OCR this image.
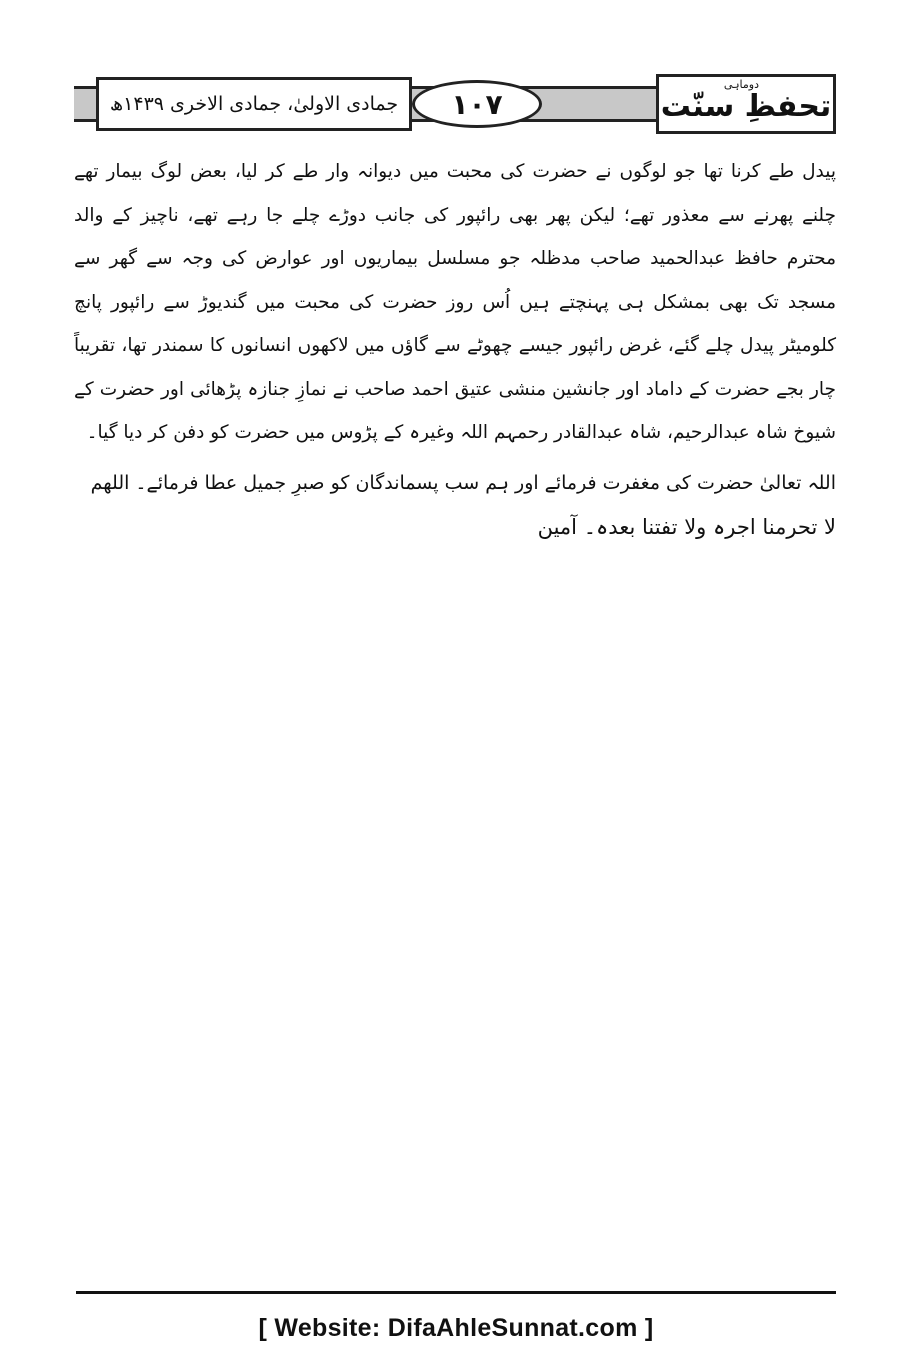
جمادی الاولیٰ، جمادی الاخری ۱۴۳۹ھ ۱۰۷
دوماہی
تحفظِ سنّت

پیدل طے کرنا تھا جو لوگوں نے حضرت کی محبت میں دیوانہ وار طے کر لیا، بعض لوگ بیمار تھے چلنے پھرنے سے معذور تھے؛ لیکن پھر بھی رائپور کی جانب دوڑے چلے جا رہے تھے، ناچیز کے والد محترم حافظ عبدالحمید صاحب مدظلہ جو مسلسل بیماریوں اور عوارض کی وجہ سے گھر سے مسجد تک بھی بمشکل ہی پہنچتے ہیں اُس روز حضرت کی محبت میں گندیوڑ سے رائپور پانچ کلومیٹر پیدل چلے گئے، غرض رائپور جیسے چھوٹے سے گاؤں میں لاکھوں انسانوں کا سمندر تھا، تقریباً چار بجے حضرت کے داماد اور جانشین منشی عتیق احمد صاحب نے نمازِ جنازہ پڑھائی اور حضرت کے شیوخ شاہ عبدالرحیم، شاہ عبدالقادر رحمہم اللہ وغیرہ کے پڑوس میں حضرت کو دفن کر دیا گیا۔

اللہ تعالیٰ حضرت کی مغفرت فرمائے اور ہم سب پسماندگان کو صبرِ جمیل عطا فرمائے۔ اللھم

لا تحرمنا اجرہ ولا تفتنا بعدہ۔ آمین

[ Website: DifaAhleSunnat.com ]
